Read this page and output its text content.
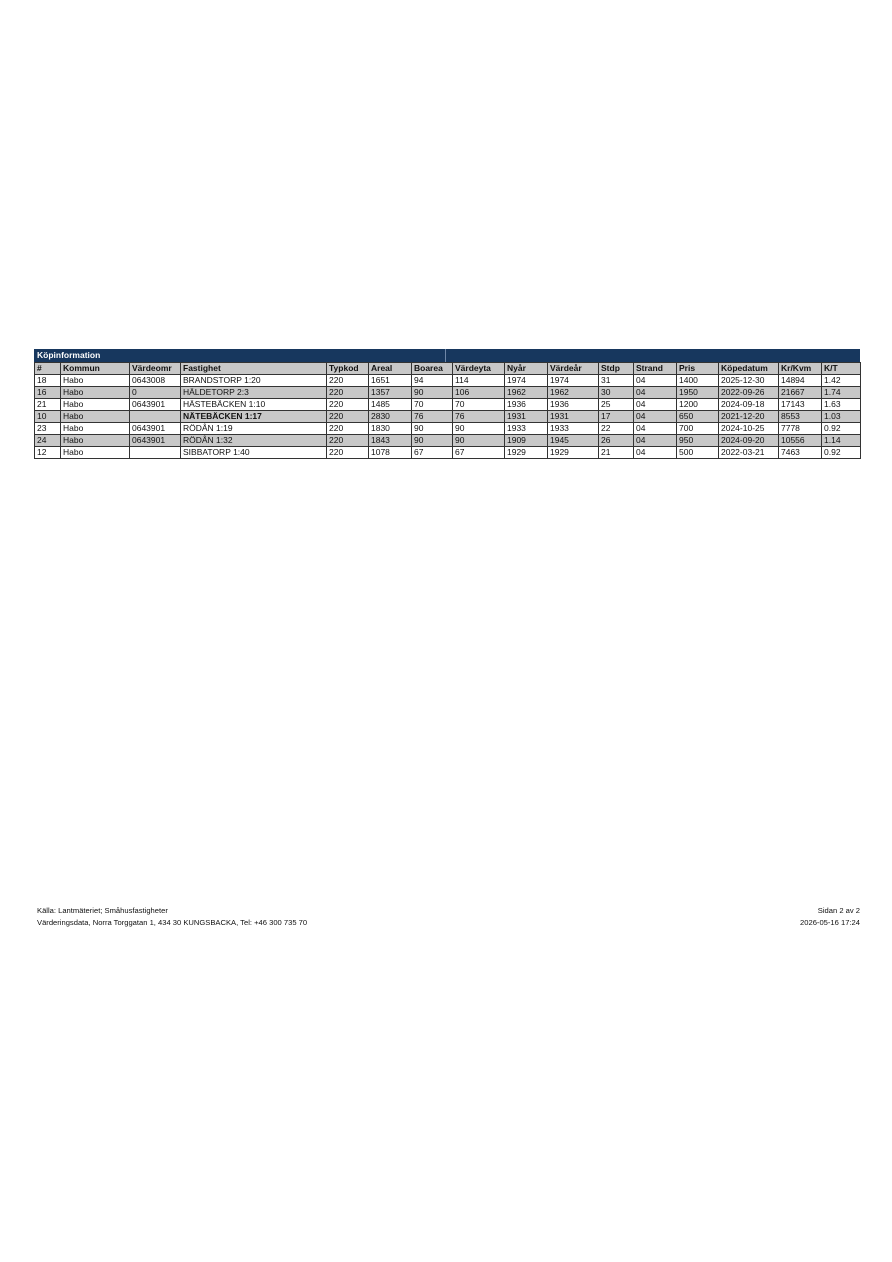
Köpinformation
#	Kommun	Värdeomr	Fastighet	Typkod	Areal	Boarea	Värdeyta	Nyår	Värdeår	Stdp	Strand	Pris	Köpedatum	Kr/Kvm	K/T
18	Habo	0643008	BRANDSTORP 1:20	220	1651	94	114	1974	1974	31	04	1400	2025-12-30	14894	1.42
16	Habo	0	HÄLDETORP 2:3	220	1357	90	106	1962	1962	30	04	1950	2022-09-26	21667	1.74
21	Habo	0643901	HÄSTEBÄCKEN 1:10	220	1485	70	70	1936	1936	25	04	1200	2024-09-18	17143	1.63
10	Habo		NÄTEBÄCKEN 1:17	220	2830	76	76	1931	1931	17	04	650	2021-12-20	8553	1.03
23	Habo	0643901	RÖDÅN 1:19	220	1830	90	90	1933	1933	22	04	700	2024-10-25	7778	0.92
24	Habo	0643901	RÖDÅN 1:32	220	1843	90	90	1909	1945	26	04	950	2024-09-20	10556	1.14
12	Habo		SIBBATORP 1:40	220	1078	67	67	1929	1929	21	04	500	2022-03-21	7463	0.92
Källa: Lantmäteriet; Småhusfastigheter	Sidan 2 av 2
Värderingsdata, Norra Torggatan 1, 434 30 KUNGSBACKA, Tel: +46 300 735 70	2026-05-16 17:24
